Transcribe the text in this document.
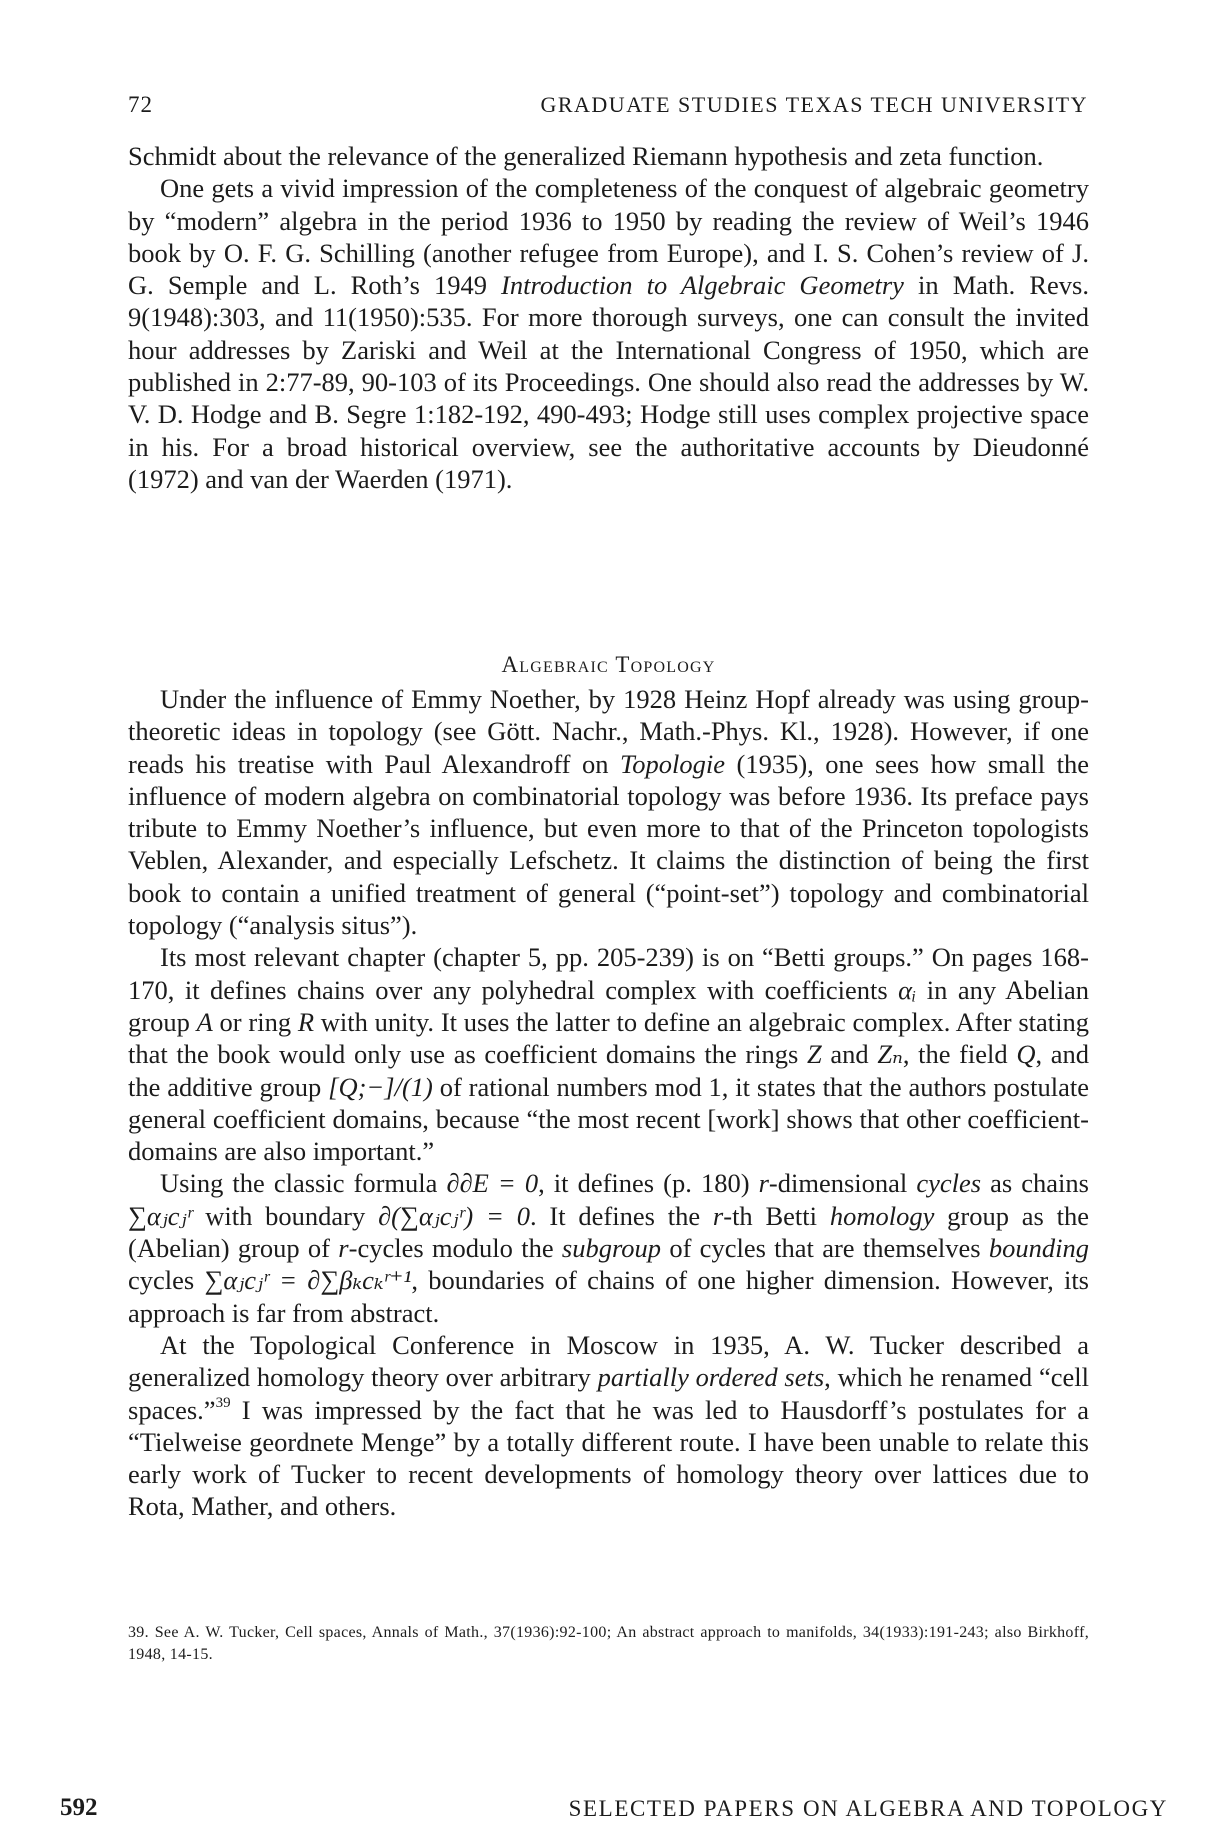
72	GRADUATE STUDIES TEXAS TECH UNIVERSITY

Schmidt about the relevance of the generalized Riemann hypothesis and zeta function.

One gets a vivid impression of the completeness of the conquest of algebraic geometry by “modern” algebra in the period 1936 to 1950 by reading the review of Weil’s 1946 book by O. F. G. Schilling (another refugee from Europe), and I. S. Cohen’s review of J. G. Semple and L. Roth’s 1949 Introduction to Algebraic Geometry in Math. Revs. 9(1948):303, and 11(1950):535. For more thorough surveys, one can consult the invited hour addresses by Zariski and Weil at the International Congress of 1950, which are published in 2:77-89, 90-103 of its Proceedings. One should also read the addresses by W. V. D. Hodge and B. Segre 1:182-192, 490-493; Hodge still uses complex projective space in his. For a broad historical overview, see the authoritative accounts by Dieudonné (1972) and van der Waerden (1971).

Algebraic Topology

Under the influence of Emmy Noether, by 1928 Heinz Hopf already was using group-theoretic ideas in topology (see Gött. Nachr., Math.-Phys. Kl., 1928). However, if one reads his treatise with Paul Alexandroff on Topologie (1935), one sees how small the influence of modern algebra on combinatorial topology was before 1936. Its preface pays tribute to Emmy Noether’s influence, but even more to that of the Princeton topologists Veblen, Alexander, and especially Lefschetz. It claims the distinction of being the first book to contain a unified treatment of general (“point-set”) topology and combinatorial topology (“analysis situs”).

Its most relevant chapter (chapter 5, pp. 205-239) is on “Betti groups.” On pages 168-170, it defines chains over any polyhedral complex with coefficients αᵢ in any Abelian group A or ring R with unity. It uses the latter to define an algebraic complex. After stating that the book would only use as coefficient domains the rings Z and Zₙ, the field Q, and the additive group [Q;−]/(1) of rational numbers mod 1, it states that the authors postulate general coefficient domains, because “the most recent [work] shows that other coefficient-domains are also important.”

Using the classic formula ∂∂E = 0, it defines (p. 180) r-dimensional cycles as chains ∑αⱼcⱼʳ with boundary ∂(∑αⱼcⱼʳ) = 0. It defines the r-th Betti homology group as the (Abelian) group of r-cycles modulo the subgroup of cycles that are themselves bounding cycles ∑αⱼcⱼʳ = ∂∑βₖcₖʳ⁺¹, boundaries of chains of one higher dimension. However, its approach is far from abstract.

At the Topological Conference in Moscow in 1935, A. W. Tucker described a generalized homology theory over arbitrary partially ordered sets, which he renamed “cell spaces.”$^{39}$ I was impressed by the fact that he was led to Hausdorff’s postulates for a “Tielweise geordnete Menge” by a totally different route. I have been unable to relate this early work of Tucker to recent developments of homology theory over lattices due to Rota, Mather, and others.

39. See A. W. Tucker, Cell spaces, Annals of Math., 37(1936):92-100; An abstract approach to manifolds, 34(1933):191-243; also Birkhoff, 1948, 14-15.
592	SELECTED PAPERS ON ALGEBRA AND TOPOLOGY
